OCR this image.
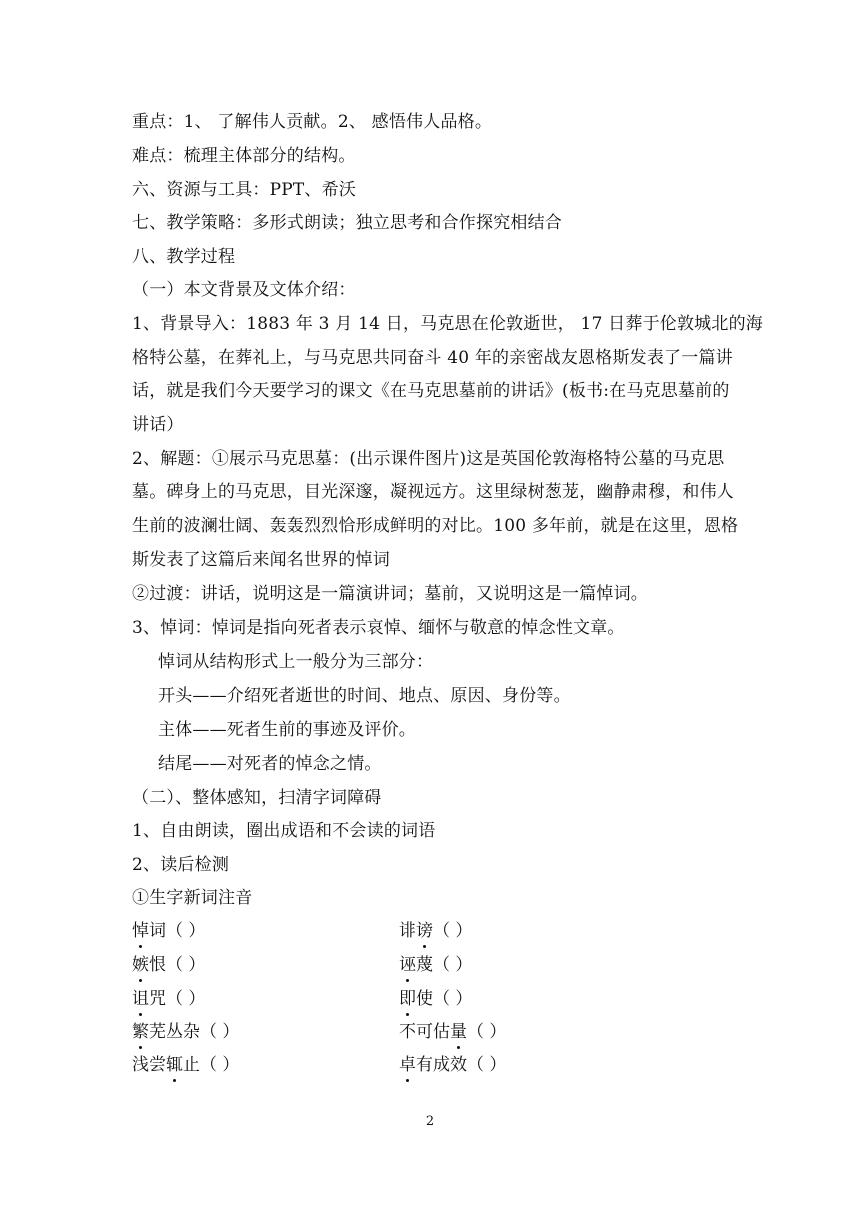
重点：1、 了解伟人贡献。2、 感悟伟人品格。
难点：梳理主体部分的结构。
六、资源与工具：PPT、希沃
七、教学策略：多形式朗读；独立思考和合作探究相结合
八、教学过程
（一）本文背景及文体介绍：
1、背景导入：1883 年 3 月 14 日，马克思在伦敦逝世， 17 日葬于伦敦城北的海
格特公墓，在葬礼上，与马克思共同奋斗 40 年的亲密战友恩格斯发表了一篇讲
话，就是我们今天要学习的课文《在马克思墓前的讲话》(板书:在马克思墓前的
讲话）
2、解题：①展示马克思墓：(出示课件图片)这是英国伦敦海格特公墓的马克思
墓。碑身上的马克思，目光深邃，凝视远方。这里绿树葱茏，幽静肃穆，和伟人
生前的波澜壮阔、轰轰烈烈恰形成鲜明的对比。100 多年前，就是在这里，恩格
斯发表了这篇后来闻名世界的悼词
②过渡：讲话，说明这是一篇演讲词；墓前，又说明这是一篇悼词。
3、悼词：悼词是指向死者表示哀悼、缅怀与敬意的悼念性文章。
悼词从结构形式上一般分为三部分：
开头——介绍死者逝世的时间、地点、原因、身份等。
主体——死者生前的事迹及评价。
结尾——对死者的悼念之情。
（二）、整体感知，扫清字词障碍
1、自由朗读，圈出成语和不会读的词语
2、读后检测
①生字新词注音
悼词（ ）	诽谤（ ）
嫉恨（ ）	诬蔑（ ）
诅咒（ ）	即使（ ）
繁芜丛杂（ ）	不可估量（ ）
浅尝辄止（ ）	卓有成效（ ）
2
